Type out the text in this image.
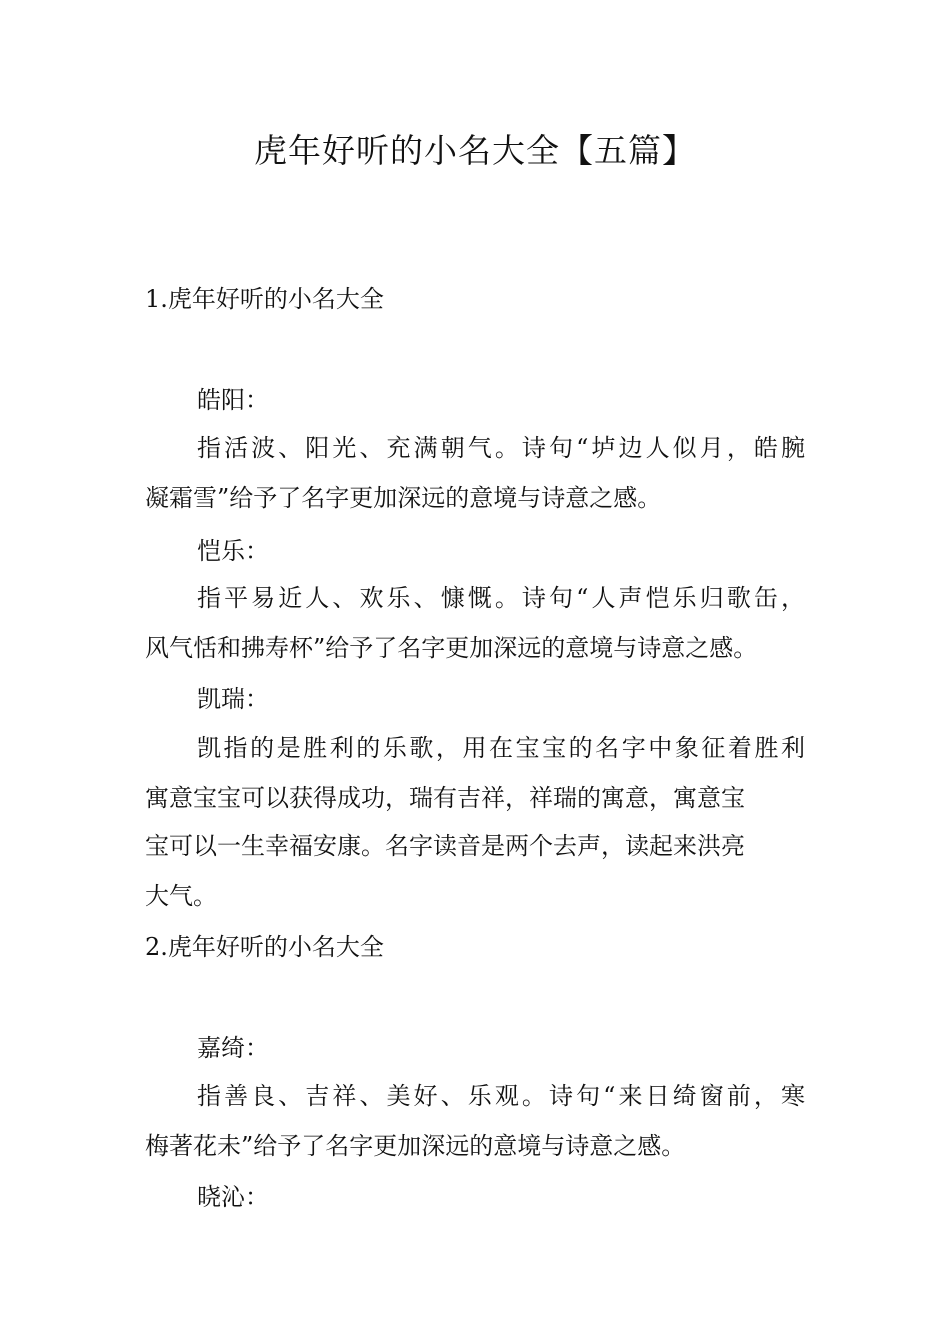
虎年好听的小名大全【五篇】
1.虎年好听的小名大全
皓阳：
指活波、阳光、充满朝气。诗句“垆边人似月，皓腕
凝霜雪”给予了名字更加深远的意境与诗意之感。
恺乐：
指平易近人、欢乐、慷慨。诗句“人声恺乐归歌缶，
风气恬和拂寿杯”给予了名字更加深远的意境与诗意之感。
凯瑞：
凯指的是胜利的乐歌，用在宝宝的名字中象征着胜利
寓意宝宝可以获得成功，瑞有吉祥，祥瑞的寓意，寓意宝
宝可以一生幸福安康。名字读音是两个去声，读起来洪亮
大气。
2.虎年好听的小名大全
嘉绮：
指善良、吉祥、美好、乐观。诗句“来日绮窗前，寒
梅著花未”给予了名字更加深远的意境与诗意之感。
晓沁：
